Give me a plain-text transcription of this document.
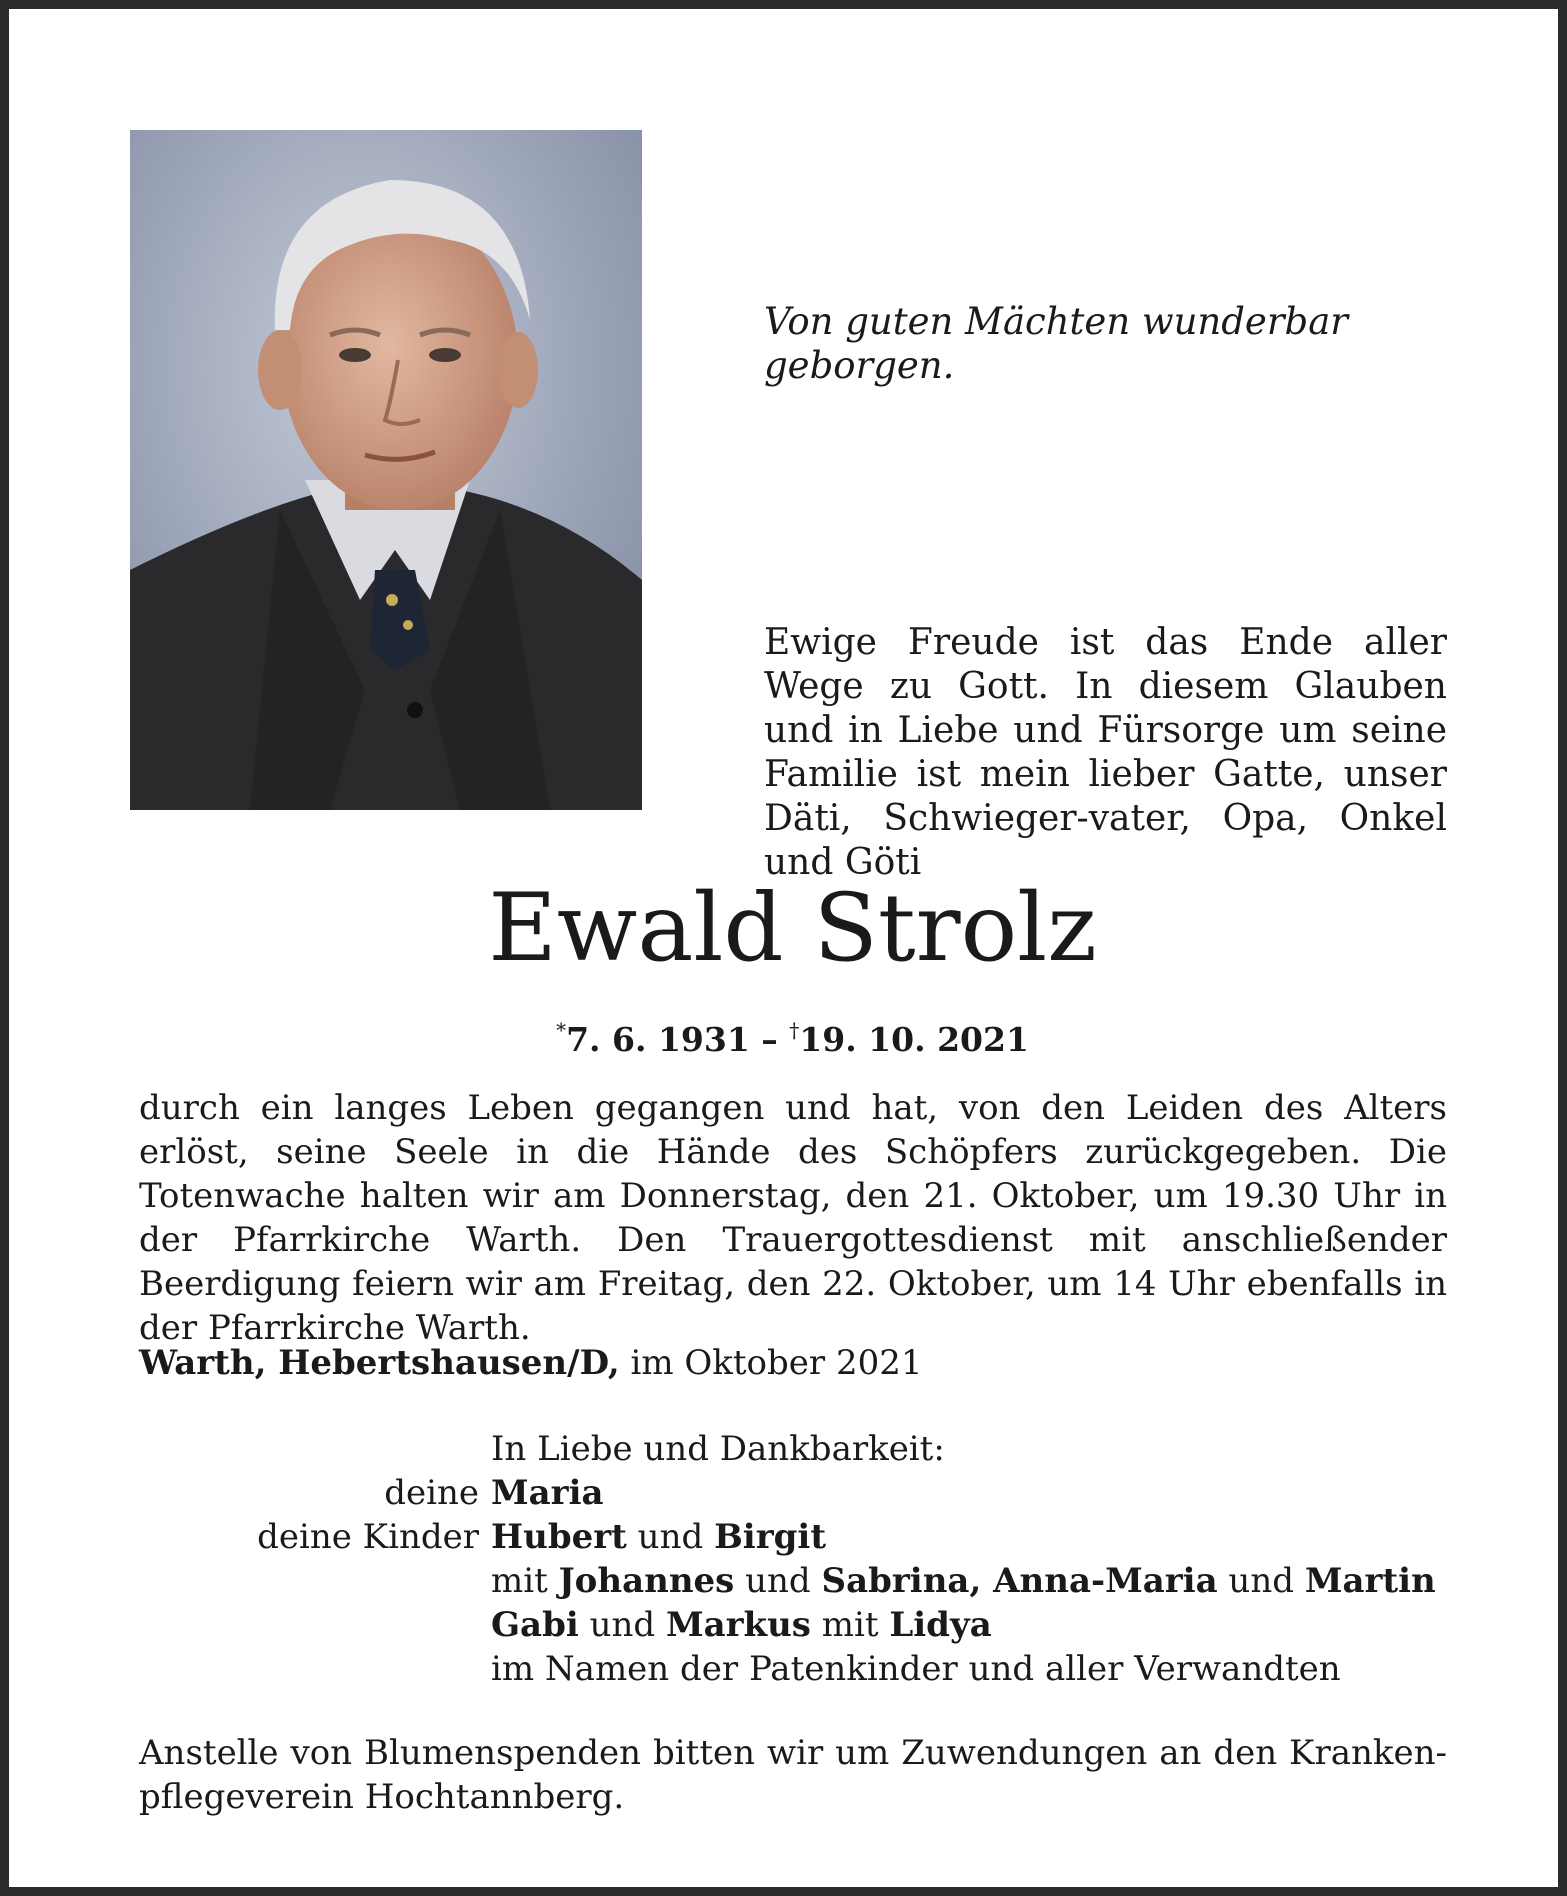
Von guten Mächten wunderbar geborgen.
Ewige Freude ist das Ende aller Wege zu Gott. In diesem Glauben und in Liebe und Fürsorge um seine Familie ist mein lieber Gatte, unser Däti, Schwieger-vater, Opa, Onkel und Göti
Ewald Strolz
*7. 6. 1931 – †19. 10. 2021
durch ein langes Leben gegangen und hat, von den Leiden des Alters erlöst, seine Seele in die Hände des Schöpfers zurückgegeben. Die Totenwache halten wir am Donnerstag, den 21. Oktober, um 19.30 Uhr in der Pfarrkirche Warth. Den Trauergottesdienst mit anschließender Beerdigung feiern wir am Freitag, den 22. Oktober, um 14 Uhr ebenfalls in der Pfarrkirche Warth.
Warth, Hebertshausen/D, im Oktober 2021
In Liebe und Dankbarkeit:
deine Maria
deine Kinder Hubert und Birgit
mit Johannes und Sabrina, Anna-Maria und Martin
Gabi und Markus mit Lidya
im Namen der Patenkinder und aller Verwandten
Anstelle von Blumenspenden bitten wir um Zuwendungen an den Kranken-pflegeverein Hochtannberg.
